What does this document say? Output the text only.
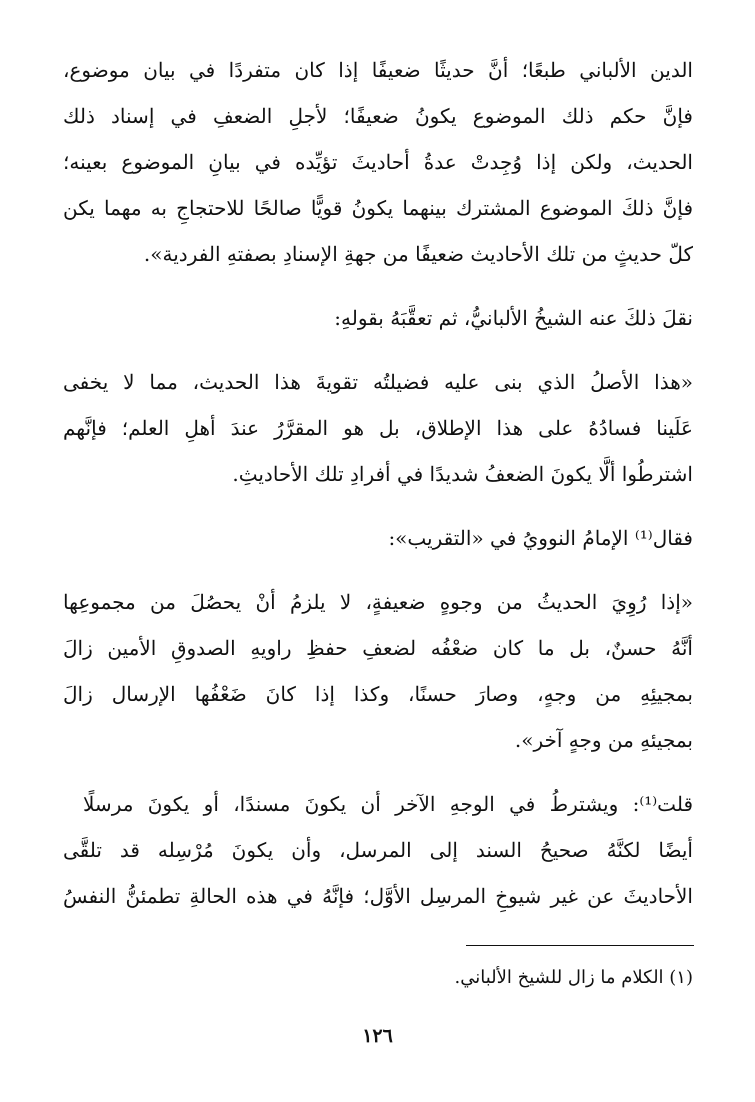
الدين الألباني طبعًا؛ أنَّ حديثًا ضعيفًا إذا كان متفردًا في بيان موضوع،
فإنَّ حكم ذلك الموضوع يكونُ ضعيفًا؛ لأجلِ الضعفِ في إسناد ذلك
الحديث، ولكن إذا وُجِدتْ عدةُ أحاديثَ تؤيِّده في بيانِ الموضوع بعينه؛
فإنَّ ذلكَ الموضوع المشترك بينهما يكونُ قويًّا صالحًا للاحتجاجِ به مهما يكن
كلّ حديثٍ من تلك الأحاديث ضعيفًا من جهةِ الإسنادِ بصفتهِ الفردية».
نقلَ ذلكَ عنه الشيخُ الألبانيُّ، ثم تعقَّبَهُ بقولهِ:
«هذا الأصلُ الذي بنى عليه فضيلتُه تقويةَ هذا الحديث، مما لا يخفى
عَلَينا فسادُهُ على هذا الإطلاق، بل هو المقرَّرُ عندَ أهلِ العلم؛ فإنَّهم
اشترطُوا ألَّا يكونَ الضعفُ شديدًا في أفرادِ تلك الأحاديثِ.
فقال⁽¹⁾ الإمامُ النوويُ في «التقريب»:
«إذا رُوِيَ الحديثُ من وجوهٍ ضعيفةٍ، لا يلزمُ أنْ يحصُلَ من مجموعِها
أنَّهُ حسنٌ، بل ما كان ضعْفُه لضعفِ حفظِ راويهِ الصدوقِ الأمين زالَ
بمجيئِهِ من وجهٍ، وصارَ حسنًا، وكذا إذا كانَ ضَعْفُها الإرسال زالَ
بمجيئهِ من وجهٍ آخر».
قلت⁽¹⁾: ويشترطُ في الوجهِ الآخر أن يكونَ مسندًا، أو يكونَ مرسلًا
أيضًا لكنَّهُ صحيحُ السند إلى المرسل، وأن يكونَ مُرْسِله قد تلقَّى
الأحاديثَ عن غير شيوخِ المرسِل الأوَّل؛ فإنَّهُ في هذه الحالةِ تطمئنُّ النفسُ
(١) الكلام ما زال للشيخ الألباني.
١٢٦
